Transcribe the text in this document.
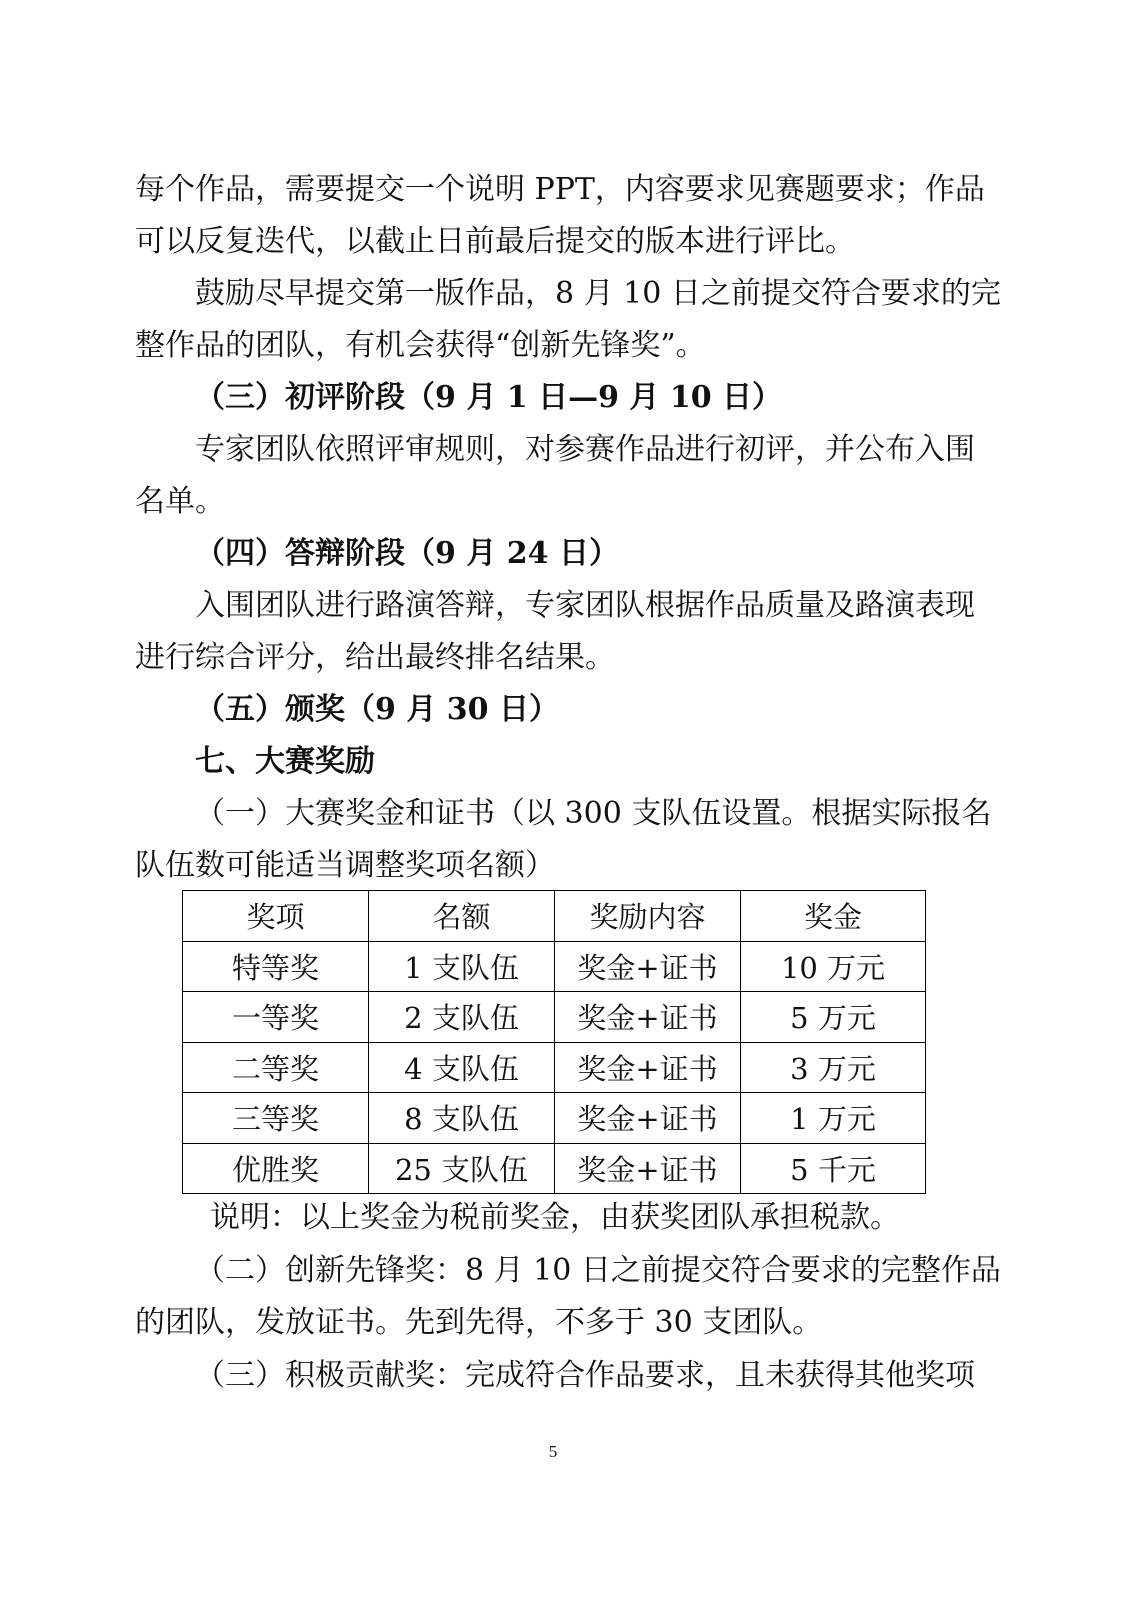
每个作品，需要提交一个说明 PPT，内容要求见赛题要求；作品
可以反复迭代，以截止日前最后提交的版本进行评比。
鼓励尽早提交第一版作品，8 月 10 日之前提交符合要求的完
整作品的团队，有机会获得“创新先锋奖”。
（三）初评阶段（9 月 1 日—9 月 10 日）
专家团队依照评审规则，对参赛作品进行初评，并公布入围
名单。
（四）答辩阶段（9 月 24 日）
入围团队进行路演答辩，专家团队根据作品质量及路演表现
进行综合评分，给出最终排名结果。
（五）颁奖（9 月 30 日）
七、大赛奖励
（一）大赛奖金和证书（以 300 支队伍设置。根据实际报名
队伍数可能适当调整奖项名额）
奖项	名额	奖励内容	奖金
特等奖	1 支队伍	奖金+证书	10 万元
一等奖	2 支队伍	奖金+证书	5 万元
二等奖	4 支队伍	奖金+证书	3 万元
三等奖	8 支队伍	奖金+证书	1 万元
优胜奖	25 支队伍	奖金+证书	5 千元
说明：以上奖金为税前奖金，由获奖团队承担税款。
（二）创新先锋奖：8 月 10 日之前提交符合要求的完整作品
的团队，发放证书。先到先得，不多于 30 支团队。
（三）积极贡献奖：完成符合作品要求，且未获得其他奖项
5
